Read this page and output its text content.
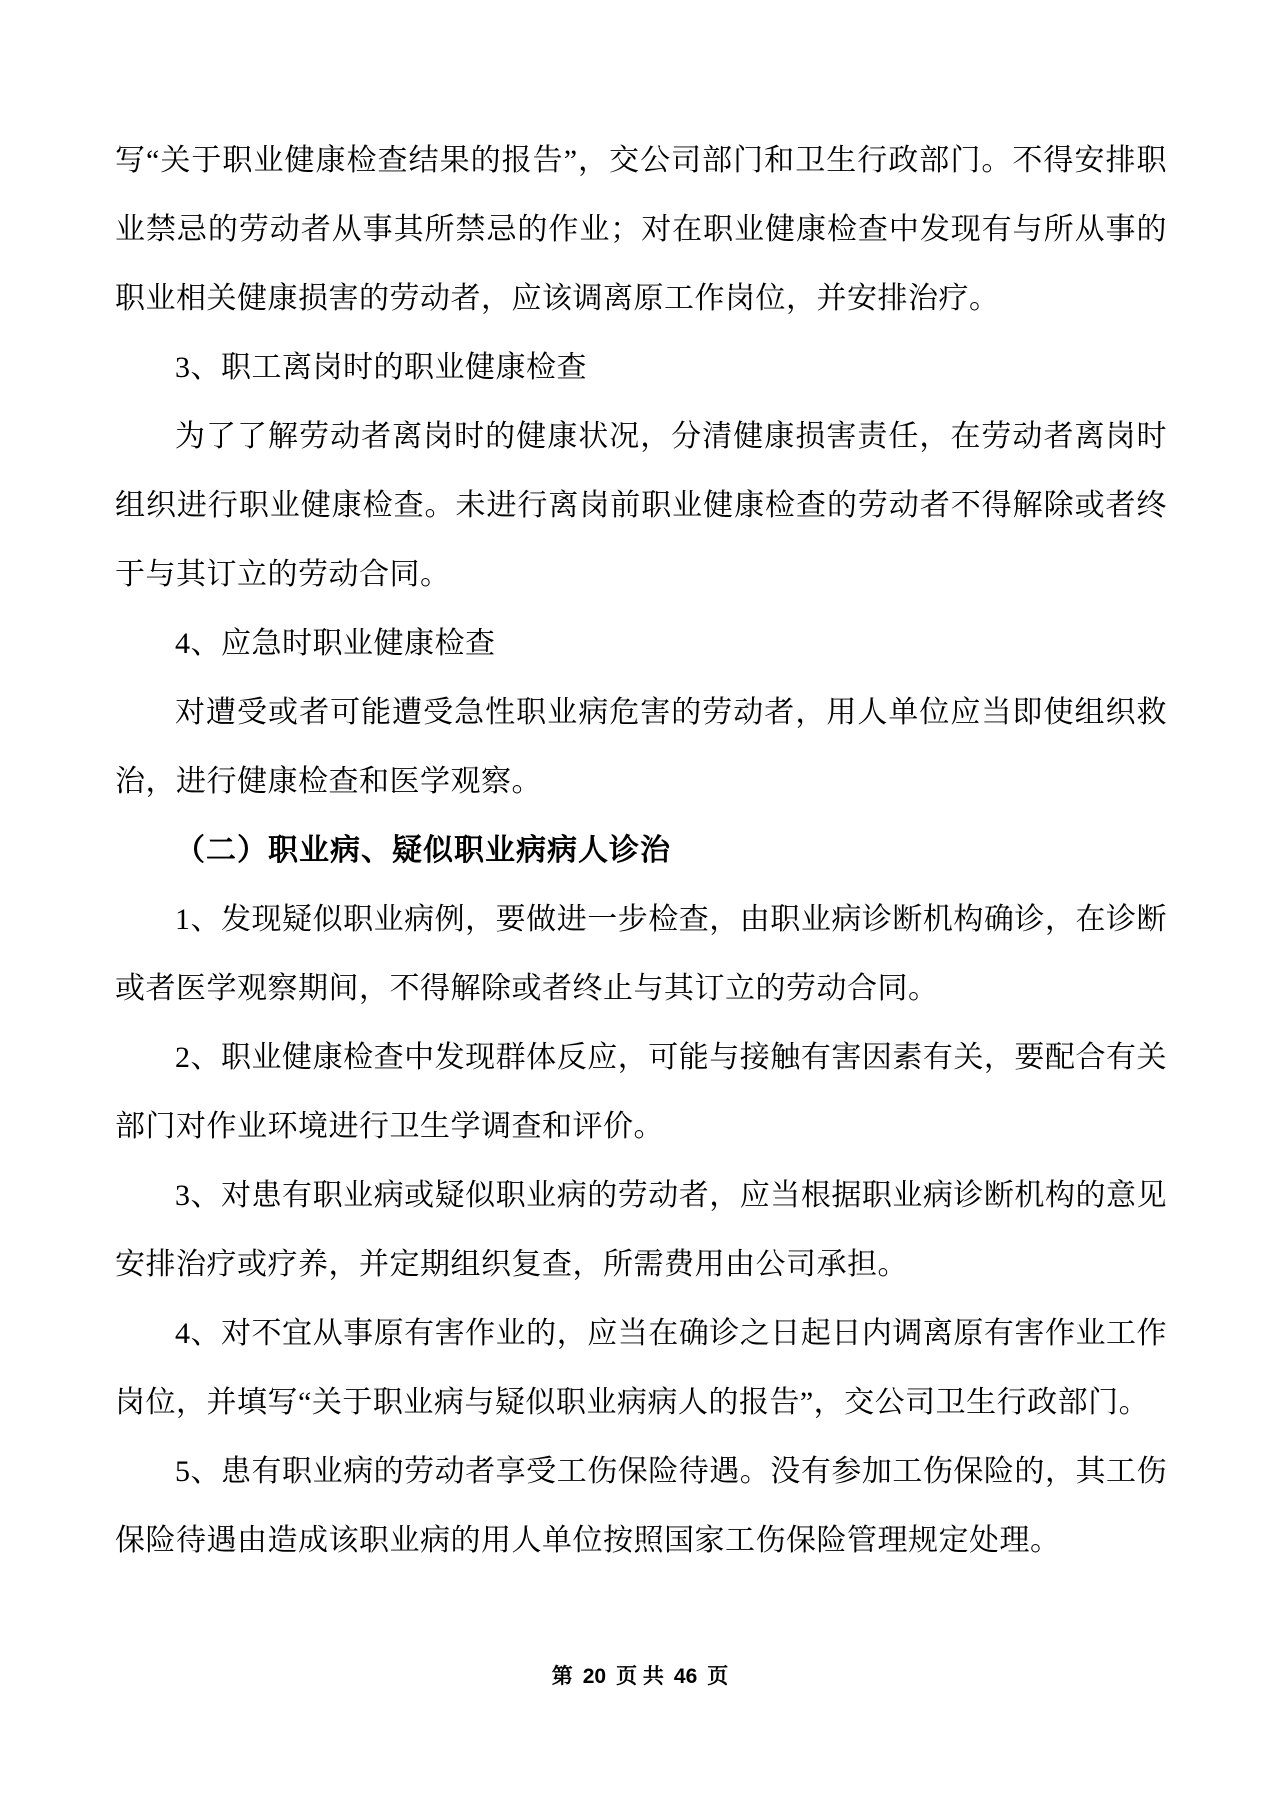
写“关于职业健康检查结果的报告”，交公司部门和卫生行政部门。不得安排职业禁忌的劳动者从事其所禁忌的作业；对在职业健康检查中发现有与所从事的职业相关健康损害的劳动者，应该调离原工作岗位，并安排治疗。

3、职工离岗时的职业健康检查

为了了解劳动者离岗时的健康状况，分清健康损害责任，在劳动者离岗时组织进行职业健康检查。未进行离岗前职业健康检查的劳动者不得解除或者终于与其订立的劳动合同。

4、应急时职业健康检查

对遭受或者可能遭受急性职业病危害的劳动者，用人单位应当即使组织救治，进行健康检查和医学观察。

（二）职业病、疑似职业病病人诊治

1、发现疑似职业病例，要做进一步检查，由职业病诊断机构确诊，在诊断或者医学观察期间，不得解除或者终止与其订立的劳动合同。

2、职业健康检查中发现群体反应，可能与接触有害因素有关，要配合有关部门对作业环境进行卫生学调查和评价。

3、对患有职业病或疑似职业病的劳动者，应当根据职业病诊断机构的意见安排治疗或疗养，并定期组织复查，所需费用由公司承担。

4、对不宜从事原有害作业的，应当在确诊之日起日内调离原有害作业工作岗位，并填写“关于职业病与疑似职业病病人的报告”，交公司卫生行政部门。

5、患有职业病的劳动者享受工伤保险待遇。没有参加工伤保险的，其工伤保险待遇由造成该职业病的用人单位按照国家工伤保险管理规定处理。

第 20 页 共 46 页
